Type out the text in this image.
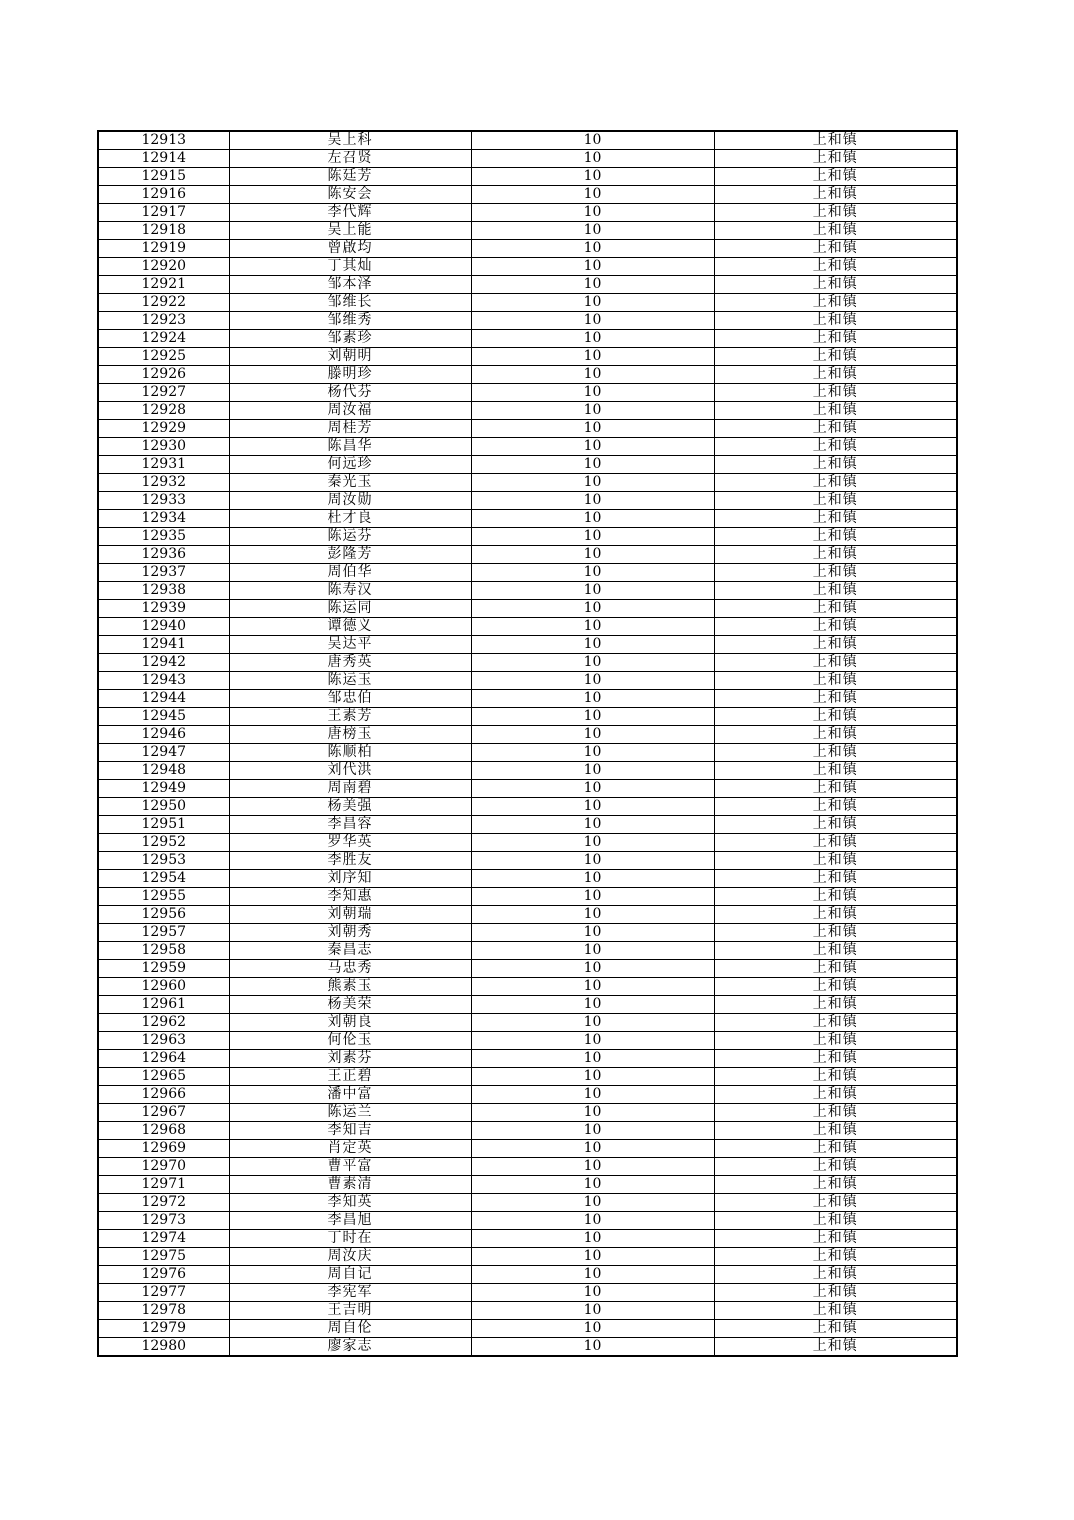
12913	吴上科	10	上和镇
12914	左召贤	10	上和镇
12915	陈廷芳	10	上和镇
12916	陈安会	10	上和镇
12917	李代辉	10	上和镇
12918	吴上能	10	上和镇
12919	曾啟均	10	上和镇
12920	丁其灿	10	上和镇
12921	邹本泽	10	上和镇
12922	邹维长	10	上和镇
12923	邹维秀	10	上和镇
12924	邹素珍	10	上和镇
12925	刘朝明	10	上和镇
12926	滕明珍	10	上和镇
12927	杨代芬	10	上和镇
12928	周汝福	10	上和镇
12929	周桂芳	10	上和镇
12930	陈昌华	10	上和镇
12931	何远珍	10	上和镇
12932	秦光玉	10	上和镇
12933	周汝勋	10	上和镇
12934	杜才良	10	上和镇
12935	陈运芬	10	上和镇
12936	彭隆芳	10	上和镇
12937	周伯华	10	上和镇
12938	陈寿汉	10	上和镇
12939	陈运同	10	上和镇
12940	谭德义	10	上和镇
12941	吴达平	10	上和镇
12942	唐秀英	10	上和镇
12943	陈运玉	10	上和镇
12944	邹忠伯	10	上和镇
12945	王素芳	10	上和镇
12946	唐榜玉	10	上和镇
12947	陈顺柏	10	上和镇
12948	刘代洪	10	上和镇
12949	周南碧	10	上和镇
12950	杨美强	10	上和镇
12951	李昌容	10	上和镇
12952	罗华英	10	上和镇
12953	李胜友	10	上和镇
12954	刘序知	10	上和镇
12955	李知惠	10	上和镇
12956	刘朝瑞	10	上和镇
12957	刘朝秀	10	上和镇
12958	秦昌志	10	上和镇
12959	马忠秀	10	上和镇
12960	熊素玉	10	上和镇
12961	杨美荣	10	上和镇
12962	刘朝良	10	上和镇
12963	何伦玉	10	上和镇
12964	刘素芬	10	上和镇
12965	王正碧	10	上和镇
12966	潘中富	10	上和镇
12967	陈运兰	10	上和镇
12968	李知吉	10	上和镇
12969	肖定英	10	上和镇
12970	曹平富	10	上和镇
12971	曹素清	10	上和镇
12972	李知英	10	上和镇
12973	李昌旭	10	上和镇
12974	丁时在	10	上和镇
12975	周汝庆	10	上和镇
12976	周自记	10	上和镇
12977	李宪军	10	上和镇
12978	王吉明	10	上和镇
12979	周自伦	10	上和镇
12980	廖家志	10	上和镇
